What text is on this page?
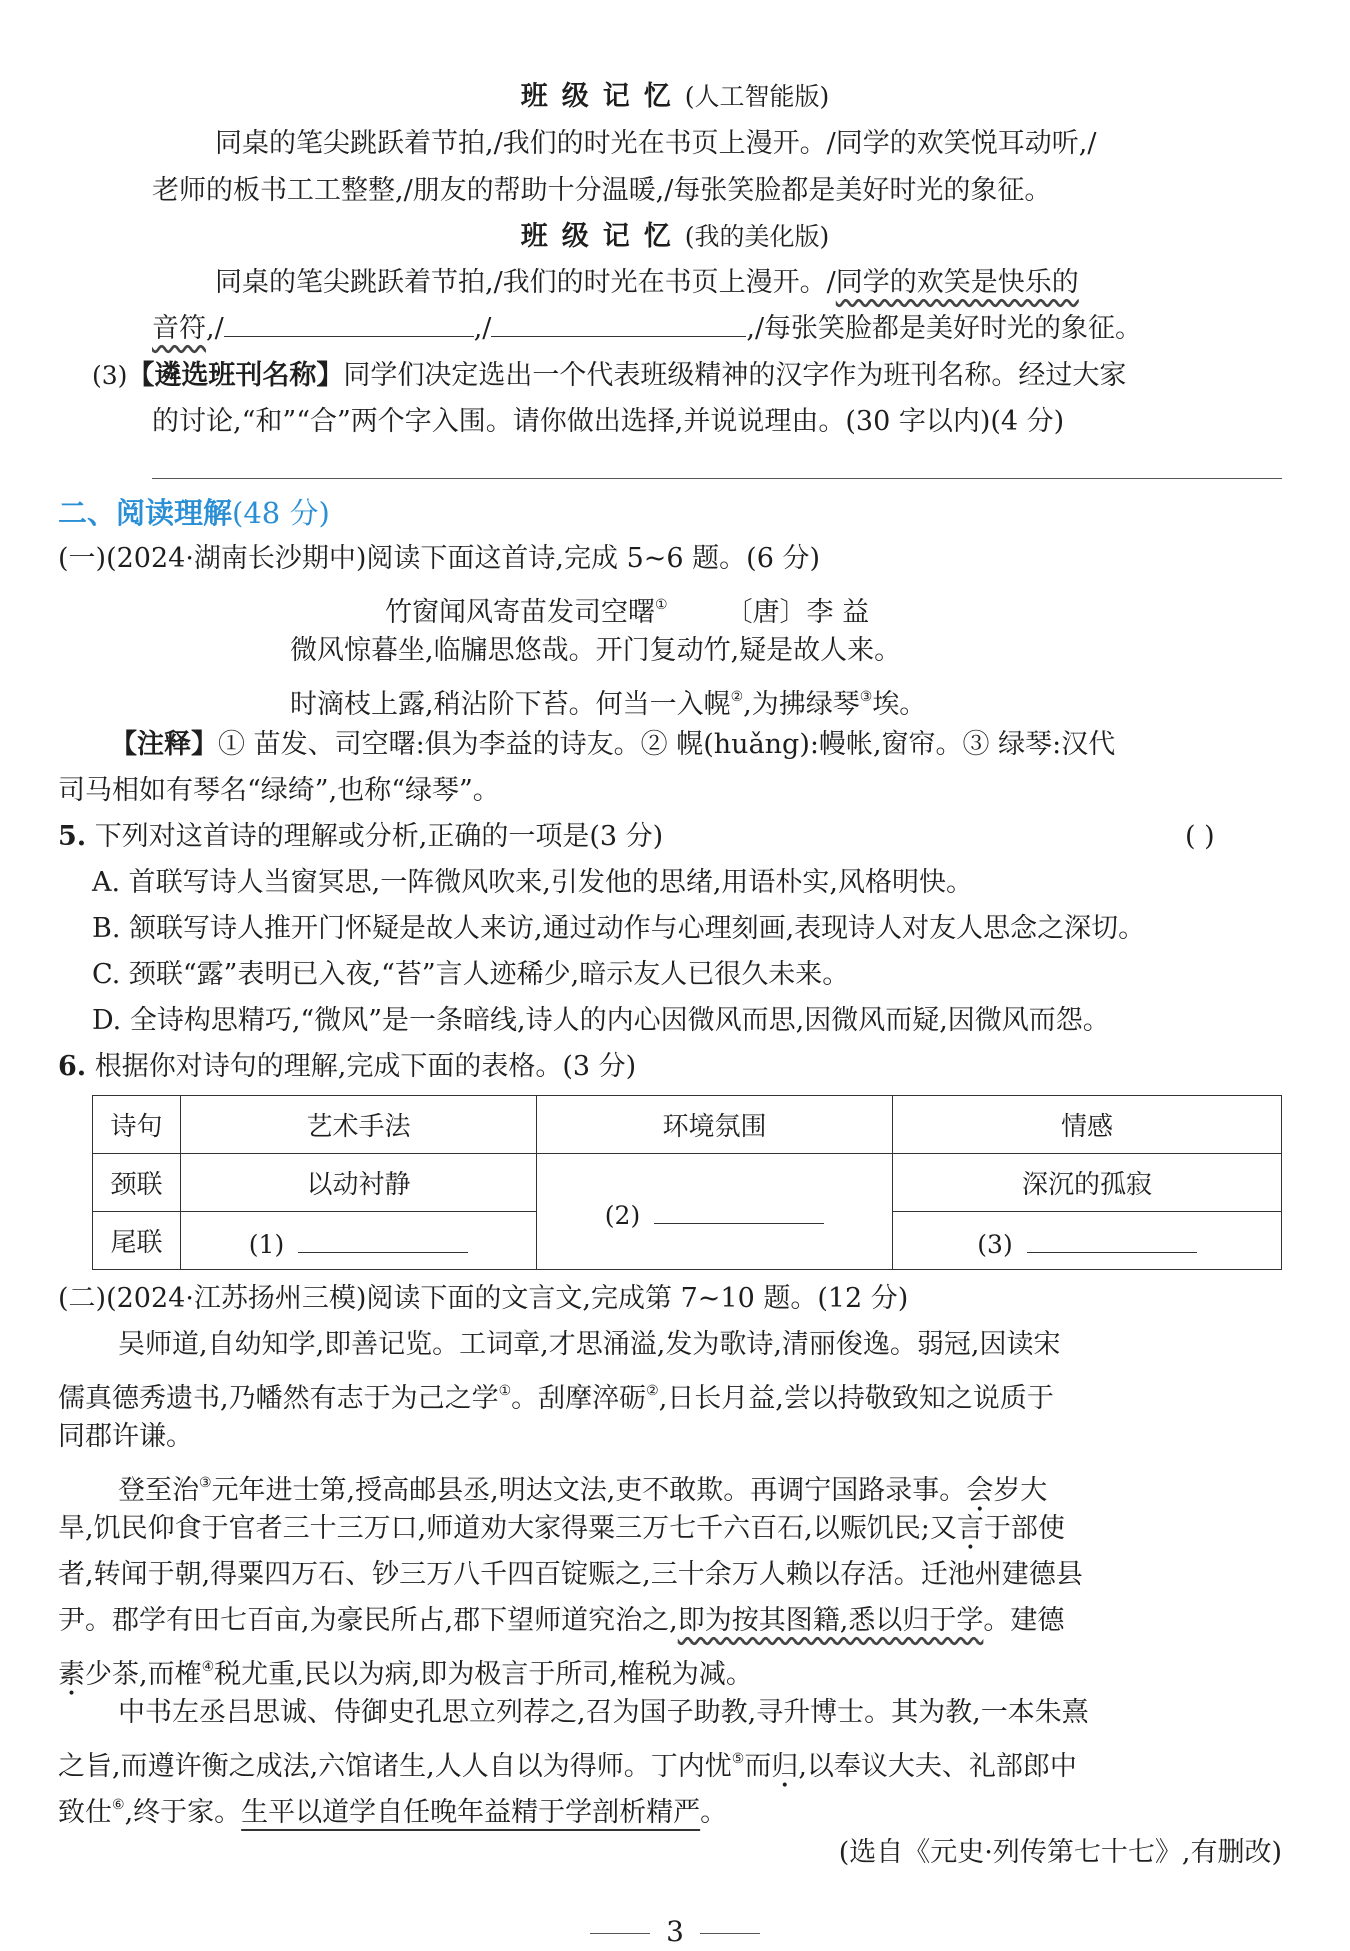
班级记忆(人工智能版)
同桌的笔尖跳跃着节拍,/我们的时光在书页上漫开。/同学的欢笑悦耳动听,/
老师的板书工工整整,/朋友的帮助十分温暖,/每张笑脸都是美好时光的象征。
班级记忆(我的美化版)
同桌的笔尖跳跃着节拍,/我们的时光在书页上漫开。/同学的欢笑是快乐的
音符,/	,/	,/每张笑脸都是美好时光的象征。
(3)【遴选班刊名称】同学们决定选出一个代表班级精神的汉字作为班刊名称。经过大家
的讨论,“和”“合”两个字入围。请你做出选择,并说说理由。(30 字以内)(4 分)
二、阅读理解(48 分)
(一)(2024·湖南长沙期中)阅读下面这首诗,完成 5~6 题。(6 分)
竹窗闻风寄苗发司空曙① 〔唐〕李 益
微风惊暮坐,临牖思悠哉。开门复动竹,疑是故人来。
时滴枝上露,稍沾阶下苔。何当一入幌②,为拂绿琴③埃。
【注释】① 苗发、司空曙:俱为李益的诗友。② 幌(huǎng):幔帐,窗帘。③ 绿琴:汉代
司马相如有琴名“绿绮”,也称“绿琴”。
5. 下列对这首诗的理解或分析,正确的一项是(3 分)	( )
A. 首联写诗人当窗冥思,一阵微风吹来,引发他的思绪,用语朴实,风格明快。
B. 颔联写诗人推开门怀疑是故人来访,通过动作与心理刻画,表现诗人对友人思念之深切。
C. 颈联“露”表明已入夜,“苔”言人迹稀少,暗示友人已很久未来。
D. 全诗构思精巧,“微风”是一条暗线,诗人的内心因微风而思,因微风而疑,因微风而怨。
6. 根据你对诗句的理解,完成下面的表格。(3 分)
诗句	艺术手法	环境氛围	情感
颈联	以动衬静	(2)	深沉的孤寂
尾联	(1)		(3)
(二)(2024·江苏扬州三模)阅读下面的文言文,完成第 7~10 题。(12 分)
吴师道,自幼知学,即善记览。工词章,才思涌溢,发为歌诗,清丽俊逸。弱冠,因读宋
儒真德秀遗书,乃幡然有志于为己之学①。刮摩淬砺②,日长月益,尝以持敬致知之说质于
同郡许谦。
登至治③元年进士第,授高邮县丞,明达文法,吏不敢欺。再调宁国路录事。会岁大
旱,饥民仰食于官者三十三万口,师道劝大家得粟三万七千六百石,以赈饥民;又言于部使
者,转闻于朝,得粟四万石、钞三万八千四百锭赈之,三十余万人赖以存活。迁池州建德县
尹。郡学有田七百亩,为豪民所占,郡下望师道究治之,即为按其图籍,悉以归于学。建德
素少茶,而榷④税尤重,民以为病,即为极言于所司,榷税为减。
中书左丞吕思诚、侍御史孔思立列荐之,召为国子助教,寻升博士。其为教,一本朱熹
之旨,而遵许衡之成法,六馆诸生,人人自以为得师。丁内忧⑤而归,以奉议大夫、礼部郎中
致仕⑥,终于家。生平以道学自任晚年益精于学剖析精严。
(选自《元史·列传第七十七》,有删改)
3
